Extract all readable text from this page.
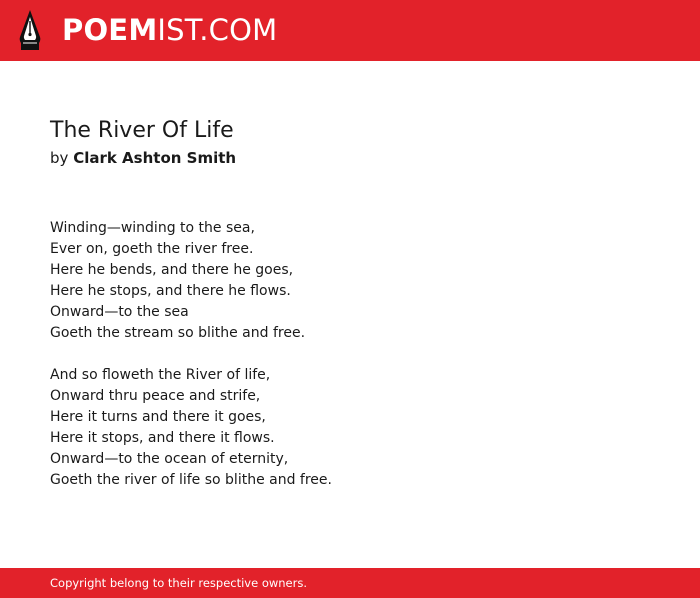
POEMIST.COM
The River Of Life
by Clark Ashton Smith
Winding—winding to the sea,
Ever on, goeth the river free.
Here he bends, and there he goes,
Here he stops, and there he flows.
Onward—to the sea
Goeth the stream so blithe and free.
And so floweth the River of life,
Onward thru peace and strife,
Here it turns and there it goes,
Here it stops, and there it flows.
Onward—to the ocean of eternity,
Goeth the river of life so blithe and free.
Copyright belong to their respective owners.
